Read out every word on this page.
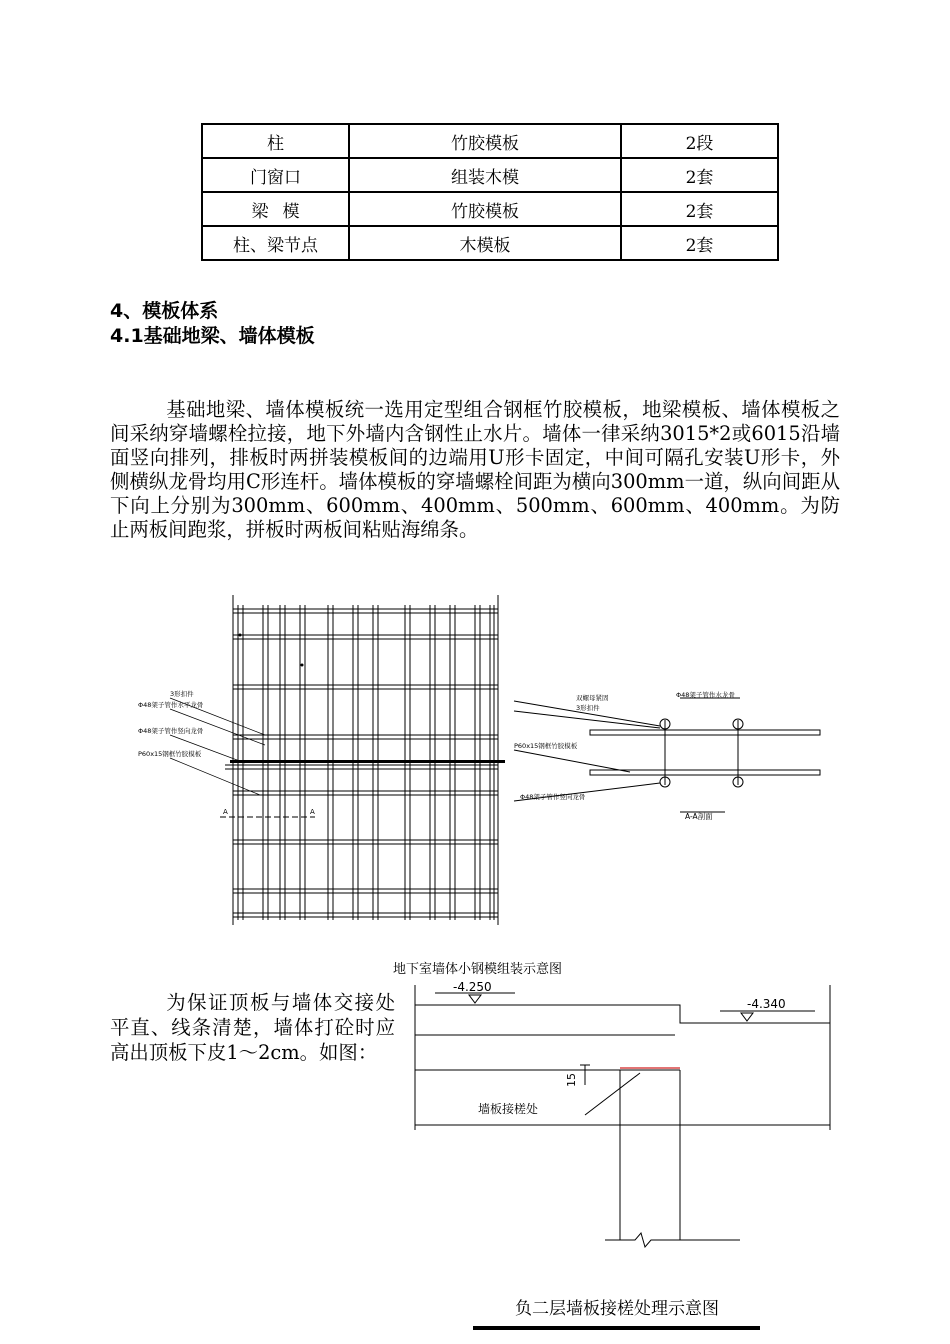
柱	竹胶模板	2段
门窗口	组装木模	2套
梁模	竹胶模板	2套
柱、梁节点	木模板	2套

4、模板体系

4.1基础地梁、墙体模板

基础地梁、墙体模板统一选用定型组合钢框竹胶模板，地梁模板、墙体模板之间采纳穿墙螺栓拉接，地下外墙内含钢性止水片。墙体一律采纳3015*2或6015沿墙面竖向排列，排板时两拼装模板间的边端用U形卡固定，中间可隔孔安装U形卡，外侧横纵龙骨均用C形连杆。墙体模板的穿墙螺栓间距为横向300mm一道，纵向间距从下向上分别为300mm、600mm、400mm、500mm、600mm、400mm。为防止两板间跑浆，拼板时两板间粘贴海绵条。

3形扣件
Φ48架子管作水平龙骨
Φ48架子管作竖向龙骨
P60x15钢框竹胶模板
A	A
双螺母紧固
3形扣件
Φ48架子管作水龙骨
P60x15钢框竹胶模板
Φ48架子管作竖向龙骨
A-A剖面
地下室墙体小钢模组装示意图

为保证顶板与墙体交接处平直、线条清楚，墙体打砼时应高出顶板下皮1～2cm。如图：

-4.250
-4.340
15
墙板接槎处
负二层墙板接槎处理示意图
